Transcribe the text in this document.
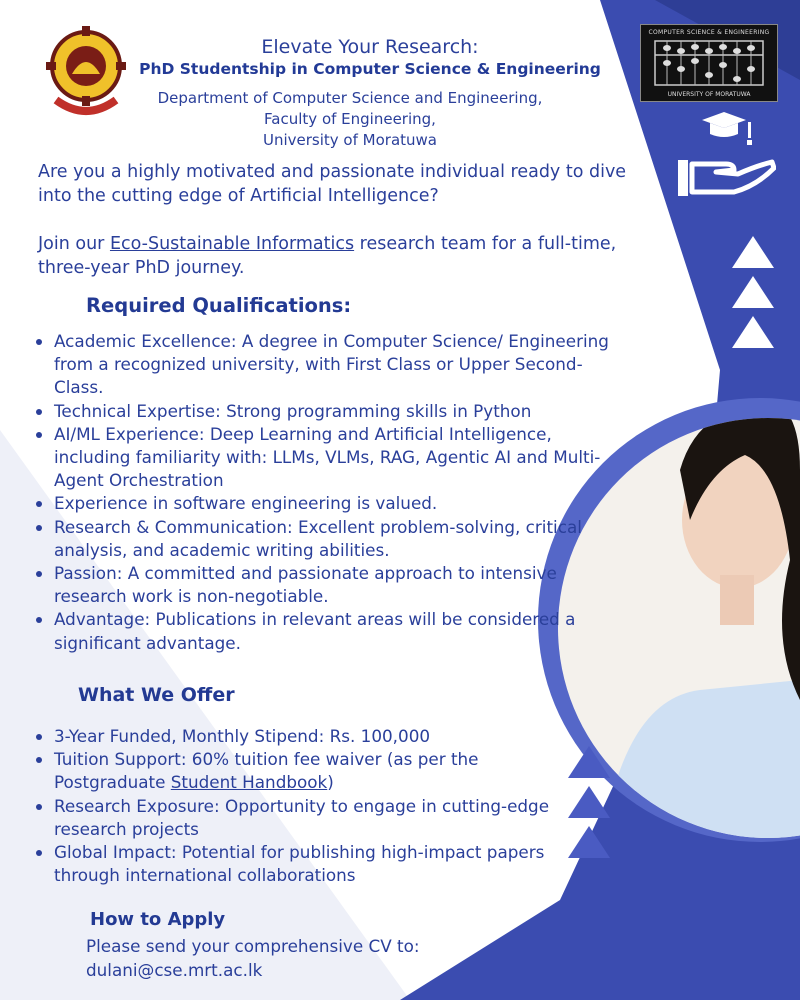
Elevate Your Research:
PhD Studentship in Computer Science & Engineering
Department of Computer Science and Engineering,
Faculty of Engineering,
University of Moratuwa
COMPUTER SCIENCE & ENGINEERING
UNIVERSITY OF MORATUWA

Are you a highly motivated and passionate individual ready to dive into the cutting edge of Artificial Intelligence?

Join our Eco-Sustainable Informatics research team for a full-time, three-year PhD journey.

Required Qualifications:
Academic Excellence: A degree in Computer Science/ Engineering from a recognized university, with First Class or Upper Second-Class.
Technical Expertise: Strong programming skills in Python
AI/ML Experience: Deep Learning and Artificial Intelligence, including familiarity with: LLMs, VLMs, RAG, Agentic AI and Multi-Agent Orchestration
Experience in software engineering is valued.
Research & Communication: Excellent problem-solving, critical analysis, and academic writing abilities.
Passion: A committed and passionate approach to intensive research work is non-negotiable.
Advantage: Publications in relevant areas will be considered a significant advantage.
What We Offer
3-Year Funded, Monthly Stipend: Rs. 100,000
Tuition Support: 60% tuition fee waiver (as per the Postgraduate Student Handbook)
Research Exposure: Opportunity to engage in cutting-edge research projects
Global Impact: Potential for publishing high-impact papers through international collaborations
How to Apply
Please send your comprehensive CV to:
dulani@cse.mrt.ac.lk
